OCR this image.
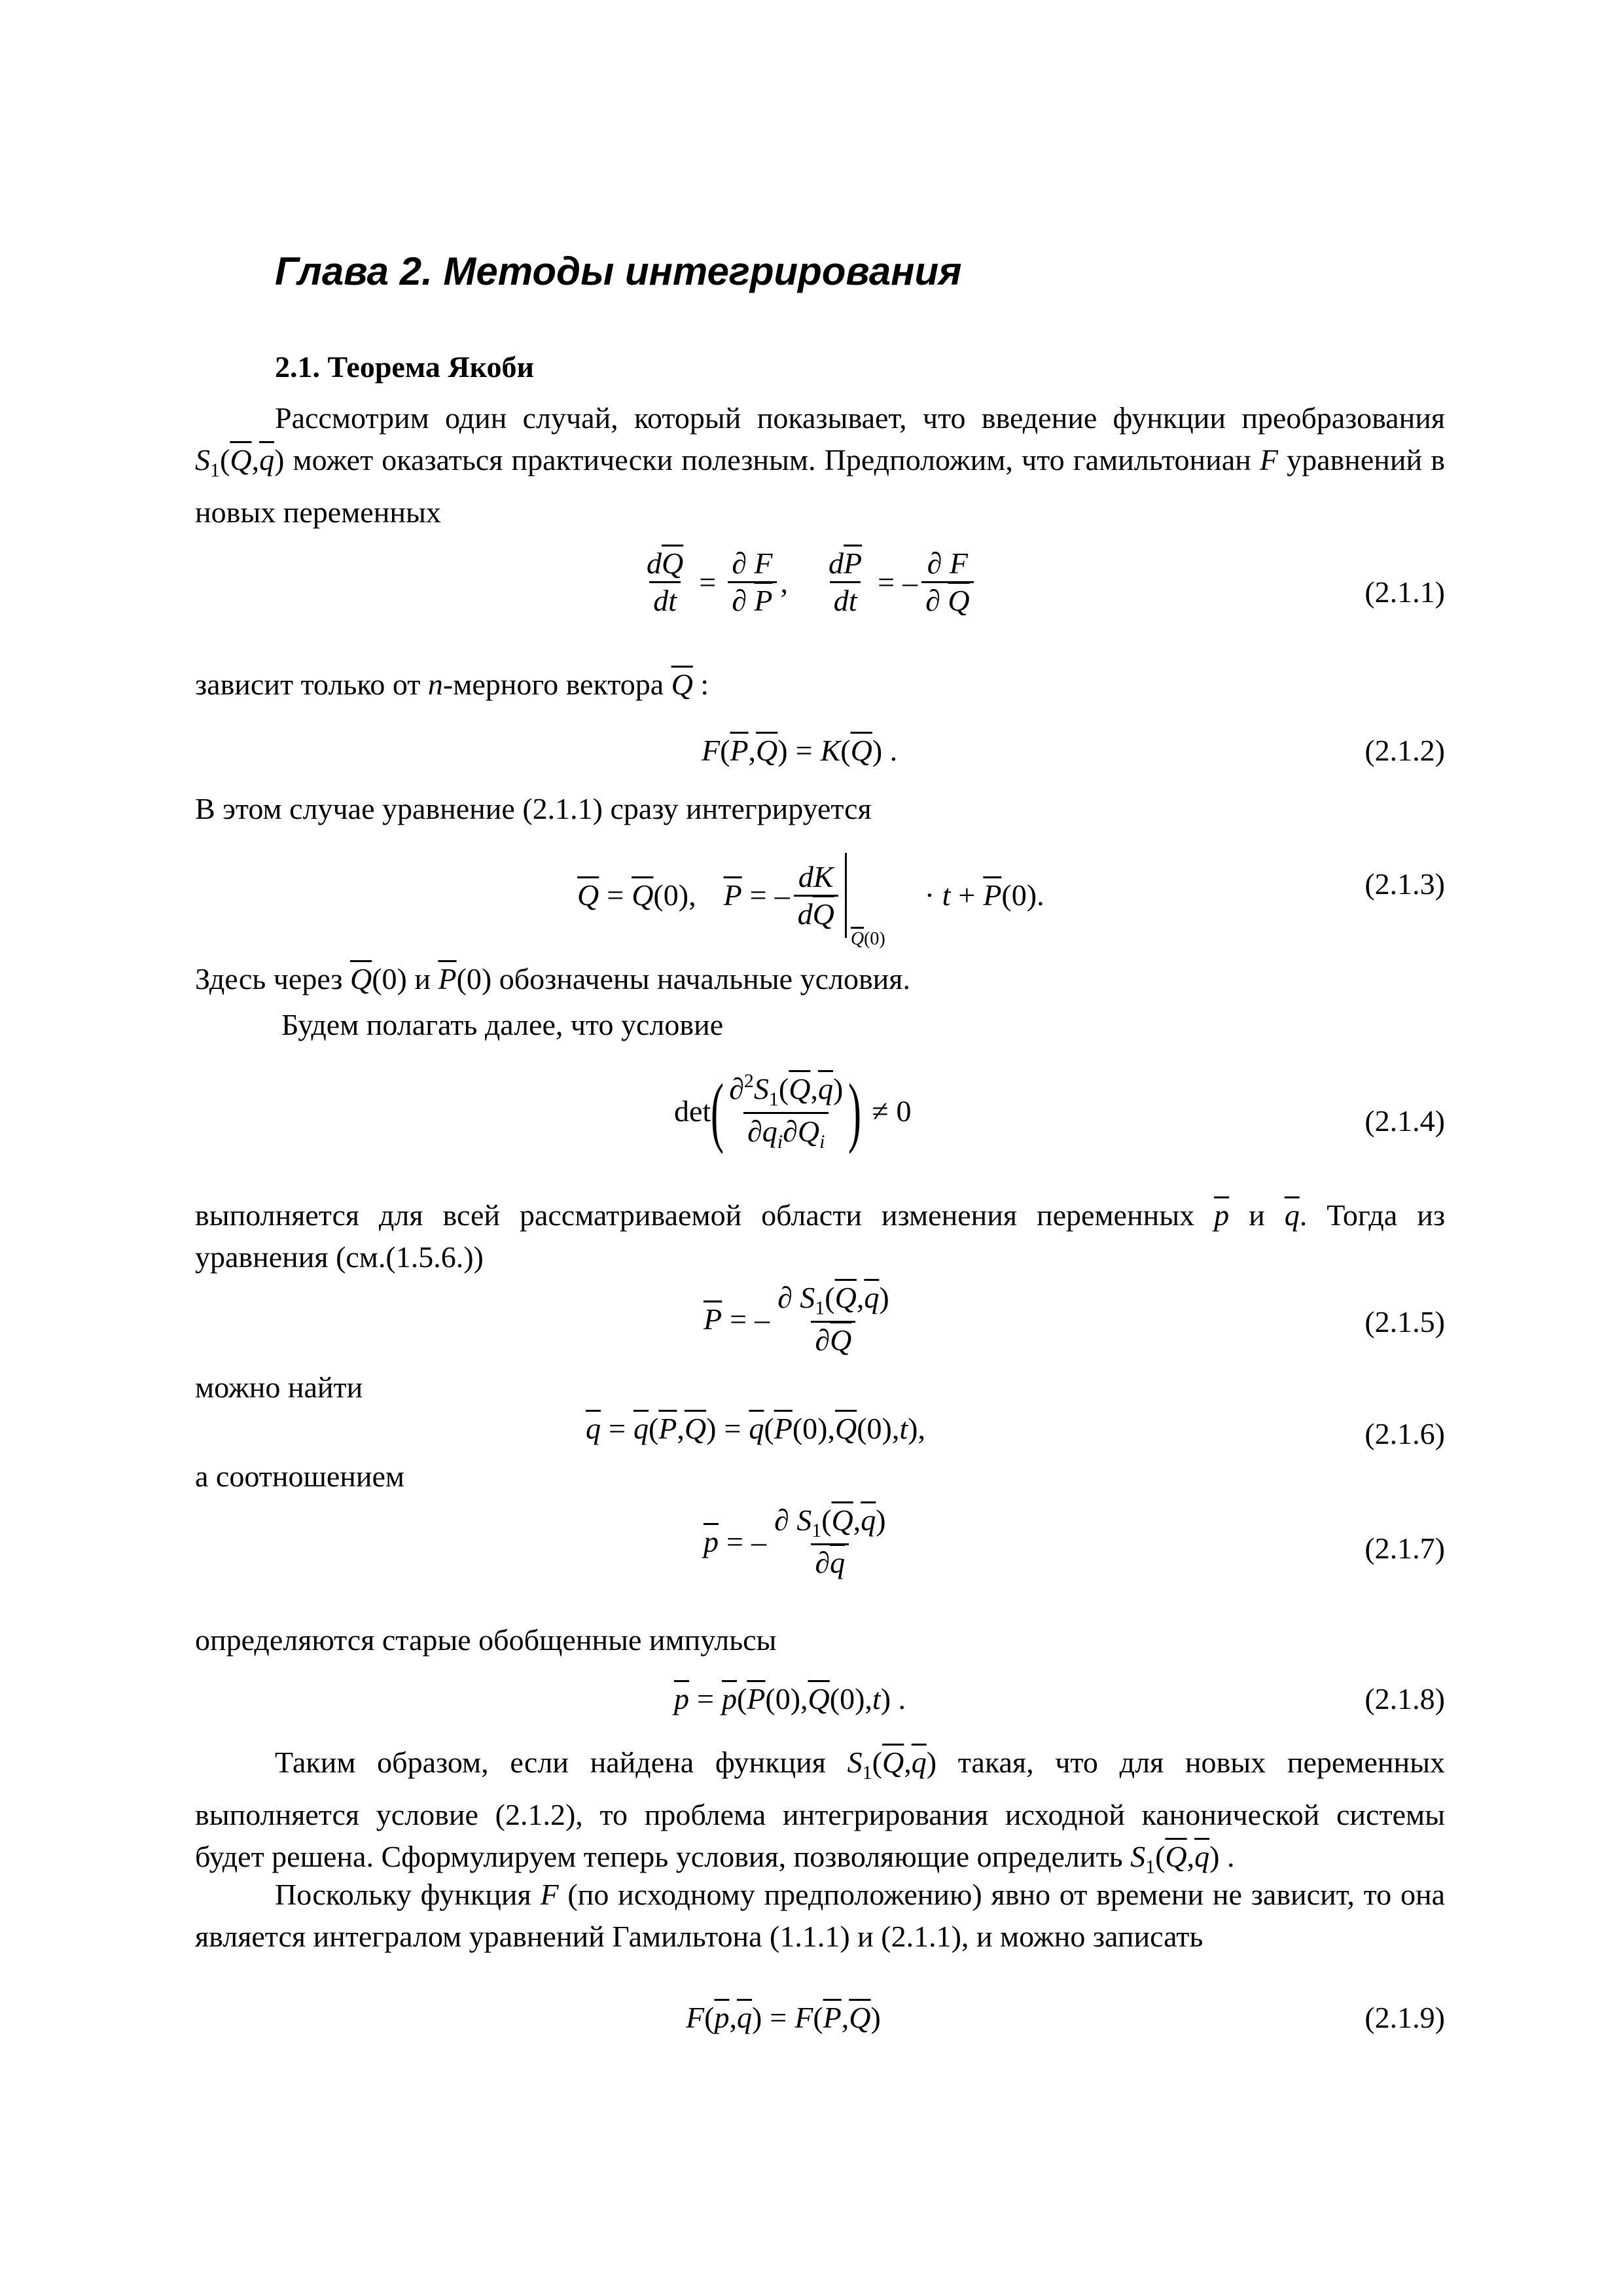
Глава 2. Методы интегрирования
2.1. Теорема Якоби
Рассмотрим один случай, который показывает, что введение функции преобразования $S_1(\overline{Q},\overline{q})$ может оказаться практически полезным. Предположим, что гамильтониан F уравнений в новых переменных
$\frac{d\overline{Q}}{dt} = \frac{\partial F}{\partial \overline{P}}$ , $\frac{d\overline{P}}{dt}$ = – $\frac{\partial F}{\partial \overline{Q}}$	(2.1.1)
зависит только от n-мерного вектора $\overline{Q}$ :
F ( $\overline{P}$ , $\overline{Q}$ ) = K ( $\overline{Q}$ )
.	(2.1.2)
В этом случае уравнение (2.1.1) сразу интегрируется
$\overline{Q} = \overline{Q}$ (0) , $\overline{P}$ = – $\frac{dK}{d\overline{Q}}$
$\overline{Q}(0)$
·
$t + \overline{P}$ (0) .	(2.1.3)
Здесь через $\overline{Q}(0)$ и $\overline{P}(0)$ обозначены начальные условия.
Будем полагать далее, что условие
det ( $\frac{\partial^2S_1(\overline{Q},\overline{q})}{\partial q_i\partial Q_i}$ ) ≠ 0	(2.1.4)
выполняется для всей рассматриваемой области изменения переменных $\overline{p}$ и $\overline{q}$. Тогда из уравнения (см.(1.5.6.))
$\overline{P}$ = – $\frac{\partial S_1(\overline{Q},\overline{q})}{\partial\overline{Q}}$	(2.1.5)
можно найти
$\overline{q} = \overline{q}$ ( $\overline{P}$ , $\overline{Q}$ ) = $\overline{q}$ ( $\overline{P}$ (0) , $\overline{Q}$ (0) , t ) ,	(2.1.6)
а соотношением
$\overline{p}$ = – $\frac{\partial S_1(\overline{Q},\overline{q})}{\partial\overline{q}}$	(2.1.7)
определяются старые обобщенные импульсы
$\overline{p} = \overline{p}$ ( $\overline{P}$ (0) , $\overline{Q}$ (0) , t )
.	(2.1.8)
Таким образом, если найдена функция $S_1(\overline{Q},\overline{q})$ такая, что для новых переменных выполняется условие (2.1.2), то проблема интегрирования исходной канонической системы будет решена. Сформулируем теперь условия, позволяющие определить $S_1(\overline{Q},\overline{q})$ .
Поскольку функция F (по исходному предположению) явно от времени не зависит, то она является интегралом уравнений Гамильтона (1.1.1) и (2.1.1), и можно записать
F ( $\overline{p}$ , $\overline{q}$ ) = F ( $\overline{P}$ , $\overline{Q}$ )	(2.1.9)
